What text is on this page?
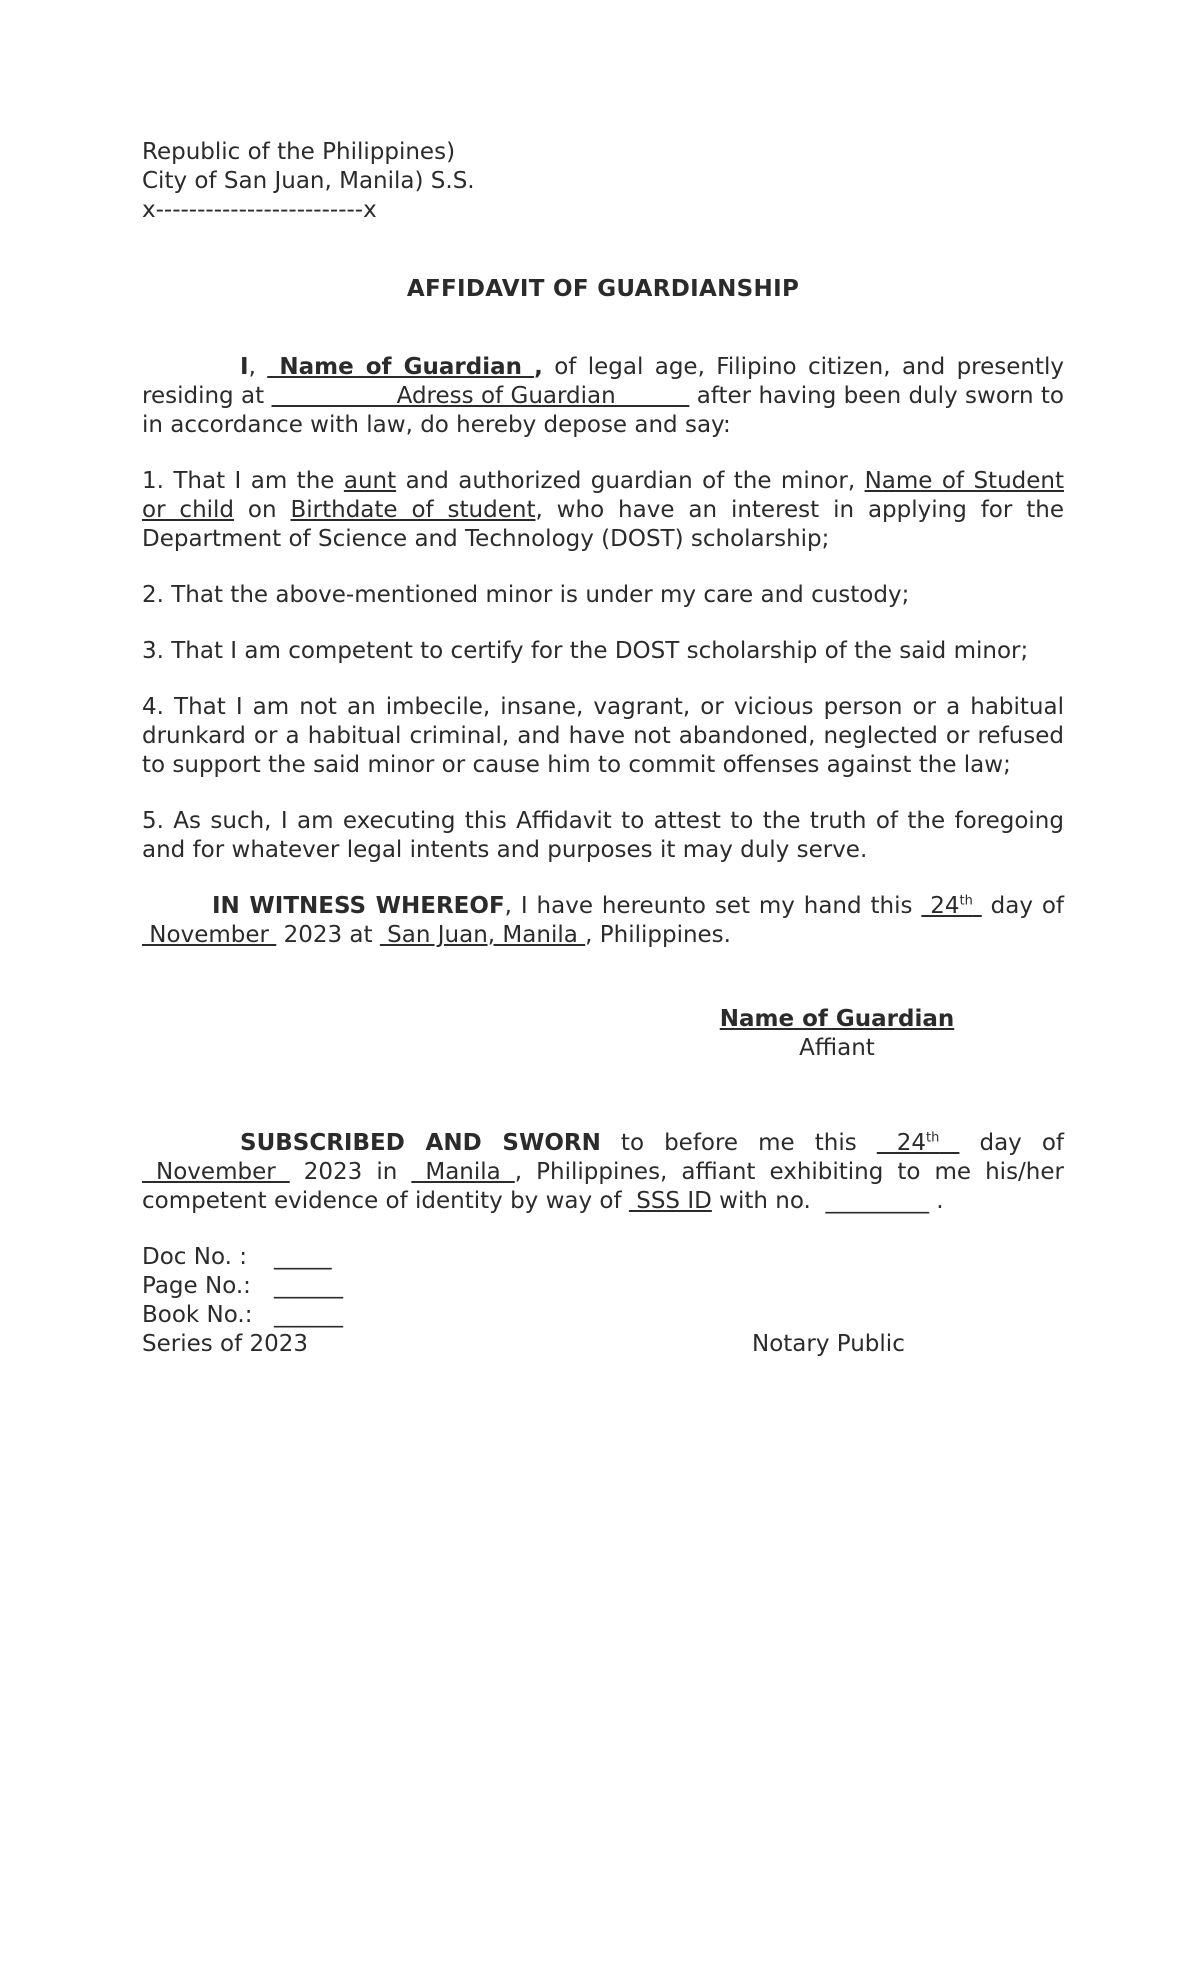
Republic of the Philippines)
City of San Juan, Manila) S.S.
x-------------------------x
AFFIDAVIT OF GUARDIANSHIP

I,  Name of Guardian , of legal age, Filipino citizen, and presently residing at                  Adress of Guardian           after having been duly sworn to in accordance with law, do hereby depose and say:

1. That I am the aunt and authorized guardian of the minor, Name of Student or child on Birthdate of student, who have an interest in applying for the Department of Science and Technology (DOST) scholarship;

2. That the above-mentioned minor is under my care and custody;

3. That I am competent to certify for the DOST scholarship of the said minor;

4. That I am not an imbecile, insane, vagrant, or vicious person or a habitual drunkard or a habitual criminal, and have not abandoned, neglected or refused to support the said minor or cause him to commit offenses against the law;

5. As such, I am executing this Affidavit to attest to the truth of the foregoing and for whatever legal intents and purposes it may duly serve.

IN WITNESS WHEREOF, I have hereunto set my hand this  24th  day of  November  2023 at  San Juan, Manila , Philippines.

Name of Guardian
Affiant

SUBSCRIBED AND SWORN to before me this  24th  day of  November  2023 in  Manila , Philippines, affiant exhibiting to me his/her competent evidence of identity by way of  SSS ID with no.  _________ .

Doc No. : _____
Page No.: ______
Book No.: ______
Series of 2023	Notary Public
